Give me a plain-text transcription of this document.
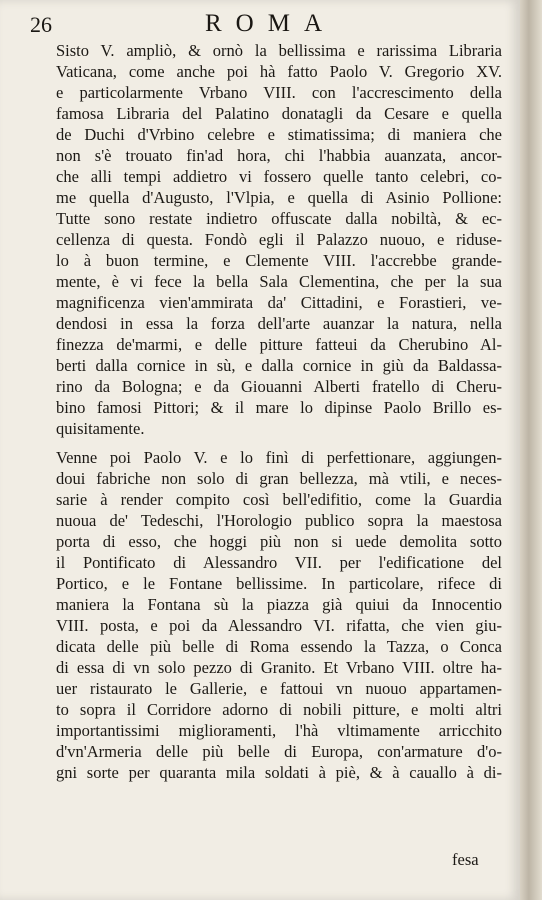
26	ROMA
Sisto V. ampliò, & ornò la bellissima e rarissima Libraria
Vaticana, come anche poi hà fatto Paolo V. Gregorio XV.
e particolarmente Vrbano VIII. con l'accrescimento della
famosa Libraria del Palatino donatagli da Cesare e quella
de Duchi d'Vrbino celebre e stimatissima; di maniera che
non s'è trouato fin'ad hora, chi l'habbia auanzata, ancor-
che alli tempi addietro vi fossero quelle tanto celebri, co-
me quella d'Augusto, l'Vlpia, e quella di Asinio Pollione:
Tutte sono restate indietro offuscate dalla nobiltà, & ec-
cellenza di questa. Fondò egli il Palazzo nuouo, e riduse-
lo à buon termine, e Clemente VIII. l'accrebbe grande-
mente, è vi fece la bella Sala Clementina, che per la sua
magnificenza vien'ammirata da' Cittadini, e Forastieri, ve-
dendosi in essa la forza dell'arte auanzar la natura, nella
finezza de'marmi, e delle pitture fatteui da Cherubino Al-
berti dalla cornice in sù, e dalla cornice in giù da Baldassa-
rino da Bologna; e da Giouanni Alberti fratello di Cheru-
bino famosi Pittori; & il mare lo dipinse Paolo Brillo es-
quisitamente.
Venne poi Paolo V. e lo finì di perfettionare, aggiungen-
doui fabriche non solo di gran bellezza, mà vtili, e neces-
sarie à render compito così bell'edifitio, come la Guardia
nuoua de' Tedeschi, l'Horologio publico sopra la maestosa
porta di esso, che hoggi più non si uede demolita sotto
il Pontificato di Alessandro VII. per l'edificatione del
Portico, e le Fontane bellissime. In particolare, rifece di
maniera la Fontana sù la piazza già quiui da Innocentio
VIII. posta, e poi da Alessandro VI. rifatta, che vien giu-
dicata delle più belle di Roma essendo la Tazza, o Conca
di essa di vn solo pezzo di Granito. Et Vrbano VIII. oltre ha-
uer ristaurato le Gallerie, e fattoui vn nuouo appartamen-
to sopra il Corridore adorno di nobili pitture, e molti altri
importantissimi miglioramenti, l'hà vltimamente arricchito
d'vn'Armeria delle più belle di Europa, con'armature d'o-
gni sorte per quaranta mila soldati à piè, & à cauallo à di-
fesa
